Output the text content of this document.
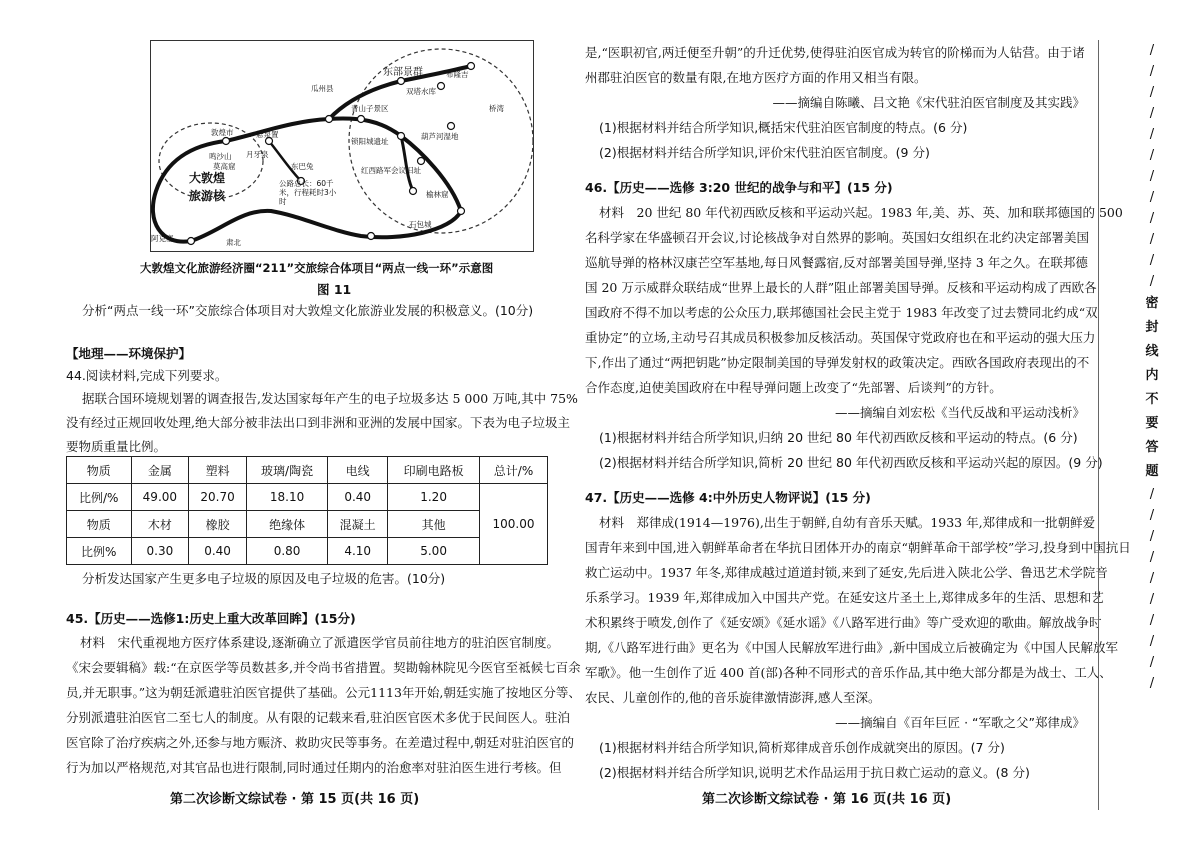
东部景群
瓜州县
布隆吉
青山子景区
双塔水库
桥湾
锁阳城遗址
榆林窟
葫芦河湿地
红西路军会议旧址
石包城
敦煌市
月牙泉
鸣沙山
莫高窟
悬泉置
东巴兔
阿克塞	肃北
公路总长：60千米，行程耗时3小时
大敦煌
旅游核
大敦煌文化旅游经济圈“211”交旅综合体项目“两点一线一环”示意图
图 11
分析“两点一线一环”交旅综合体项目对大敦煌文化旅游业发展的积极意义。(10分)
【地理——环境保护】
44.阅读材料,完成下列要求。
据联合国环境规划署的调查报告,发达国家每年产生的电子垃圾多达 5 000 万吨,其中 75%
没有经过正规回收处理,绝大部分被非法出口到非洲和亚洲的发展中国家。下表为电子垃圾主
要物质重量比例。
物质	金属	塑料	玻璃/陶瓷	电线	印刷电路板	总计/%
比例/%	49.00	20.70	18.10	0.40	1.20	100.00
物质	木材	橡胶	绝缘体	混凝土	其他	
比例%	0.30	0.40	0.80	4.10	5.00	
分析发达国家产生更多电子垃圾的原因及电子垃圾的危害。(10分)
45.【历史——选修1:历史上重大改革回眸】(15分)
材料　宋代重视地方医疗体系建设,逐渐确立了派遣医学官员前往地方的驻泊医官制度。
《宋会要辑稿》载:“在京医学等员数甚多,并令尚书省措置。契勘翰林院见今医官至祗候七百余
员,并无职事。”这为朝廷派遣驻泊医官提供了基础。公元1113年开始,朝廷实施了按地区分等、
分别派遣驻泊医官二至七人的制度。从有限的记载来看,驻泊医官医术多优于民间医人。驻泊
医官除了治疗疾病之外,还参与地方赈济、救助灾民等事务。在差遣过程中,朝廷对驻泊医官的
行为加以严格规范,对其官品也进行限制,同时通过任期内的治愈率对驻泊医生进行考核。但
第二次诊断文综试卷 · 第 15 页(共 16 页)
是,“医职初官,两迁便至升朝”的升迁优势,使得驻泊医官成为转官的阶梯而为人钻营。由于诸
州郡驻泊医官的数量有限,在地方医疗方面的作用又相当有限。
——摘编自陈曦、吕文艳《宋代驻泊医官制度及其实践》
(1)根据材料并结合所学知识,概括宋代驻泊医官制度的特点。(6 分)
(2)根据材料并结合所学知识,评价宋代驻泊医官制度。(9 分)
46.【历史——选修 3:20 世纪的战争与和平】(15 分)
材料　20 世纪 80 年代初西欧反核和平运动兴起。1983 年,美、苏、英、加和联邦德国的 500
名科学家在华盛顿召开会议,讨论核战争对自然界的影响。英国妇女组织在北约决定部署美国
巡航导弹的格林汉康芒空军基地,每日风餐露宿,反对部署美国导弹,坚持 3 年之久。在联邦德
国 20 万示威群众联结成“世界上最长的人群”阻止部署美国导弹。反核和平运动构成了西欧各
国政府不得不加以考虑的公众压力,联邦德国社会民主党于 1983 年改变了过去赞同北约成“双
重协定”的立场,主动号召其成员积极参加反核活动。英国保守党政府也在和平运动的强大压力
下,作出了通过“两把钥匙”协定限制美国的导弹发射权的政策决定。西欧各国政府表现出的不
合作态度,迫使美国政府在中程导弹问题上改变了“先部署、后谈判”的方针。
——摘编自刘宏松《当代反战和平运动浅析》
(1)根据材料并结合所学知识,归纳 20 世纪 80 年代初西欧反核和平运动的特点。(6 分)
(2)根据材料并结合所学知识,简析 20 世纪 80 年代初西欧反核和平运动兴起的原因。(9 分)
47.【历史——选修 4:中外历史人物评说】(15 分)
材料　郑律成(1914—1976),出生于朝鲜,自幼有音乐天赋。1933 年,郑律成和一批朝鲜爱
国青年来到中国,进入朝鲜革命者在华抗日团体开办的南京“朝鲜革命干部学校”学习,投身到中国抗日
救亡运动中。1937 年冬,郑律成越过道道封锁,来到了延安,先后进入陕北公学、鲁迅艺术学院音
乐系学习。1939 年,郑律成加入中国共产党。在延安这片圣土上,郑律成多年的生活、思想和艺
术积累终于喷发,创作了《延安颂》《延水谣》《八路军进行曲》等广受欢迎的歌曲。解放战争时
期,《八路军进行曲》更名为《中国人民解放军进行曲》,新中国成立后被确定为《中国人民解放军
军歌》。他一生创作了近 400 首(部)各种不同形式的音乐作品,其中绝大部分都是为战士、工人、
农民、儿童创作的,他的音乐旋律激情澎湃,感人至深。
——摘编自《百年巨匠 · “军歌之父”郑律成》
(1)根据材料并结合所学知识,简析郑律成音乐创作成就突出的原因。(7 分)
(2)根据材料并结合所学知识,说明艺术作品运用于抗日救亡运动的意义。(8 分)
第二次诊断文综试卷 · 第 16 页(共 16 页)
/
/
/
/
/
/
/
/
/
/
/
/
密
封
线
内
不
要
答
题
/
/
/
/
/
/
/
/
/
/
